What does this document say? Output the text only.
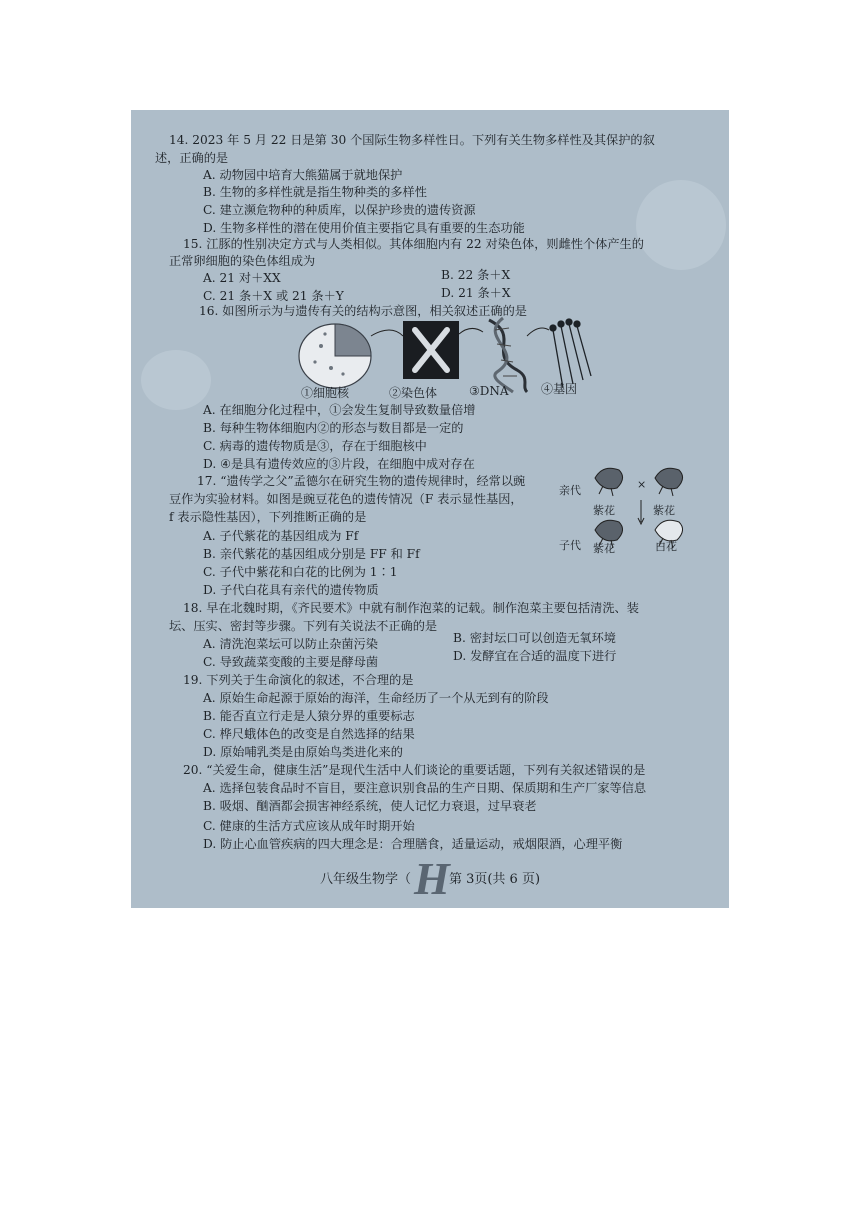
14. 2023 年 5 月 22 日是第 30 个国际生物多样性日。下列有关生物多样性及其保护的叙
述，正确的是
A. 动物园中培育大熊猫属于就地保护
B. 生物的多样性就是指生物种类的多样性
C. 建立濒危物种的种质库，以保护珍贵的遗传资源
D. 生物多样性的潜在使用价值主要指它具有重要的生态功能
15. 江豚的性别决定方式与人类相似。其体细胞内有 22 对染色体，则雌性个体产生的
正常卵细胞的染色体组成为
A. 21 对＋XX	B. 22 条＋X
C. 21 条＋X 或 21 条＋Y	D. 21 条＋X
16. 如图所示为与遗传有关的结构示意图，相关叙述正确的是
①细胞核	②染色体	③DNA	④基因
A. 在细胞分化过程中，①会发生复制导致数量倍增
B. 每种生物体细胞内②的形态与数目都是一定的
C. 病毒的遗传物质是③，存在于细胞核中
D. ④是具有遗传效应的③片段，在细胞中成对存在
17. “遗传学之父”孟德尔在研究生物的遗传规律时，经常以豌
豆作为实验材料。如图是豌豆花色的遗传情况（F 表示显性基因，
f 表示隐性基因），下列推断正确的是
亲代
子代
×
紫花	紫花
紫花	白花
A. 子代紫花的基因组成为 Ff
B. 亲代紫花的基因组成分别是 FF 和 Ff
C. 子代中紫花和白花的比例为 1∶1
D. 子代白花具有亲代的遗传物质
18. 早在北魏时期，《齐民要术》中就有制作泡菜的记载。制作泡菜主要包括清洗、装
坛、压实、密封等步骤。下列有关说法不正确的是
A. 清洗泡菜坛可以防止杂菌污染	B. 密封坛口可以创造无氧环境
C. 导致蔬菜变酸的主要是酵母菌	D. 发酵宜在合适的温度下进行
19. 下列关于生命演化的叙述，不合理的是
A. 原始生命起源于原始的海洋，生命经历了一个从无到有的阶段
B. 能否直立行走是人猿分界的重要标志
C. 桦尺蛾体色的改变是自然选择的结果
D. 原始哺乳类是由原始鸟类进化来的
20. “关爱生命，健康生活”是现代生活中人们谈论的重要话题，下列有关叙述错误的是
A. 选择包装食品时不盲目，要注意识别食品的生产日期、保质期和生产厂家等信息
B. 吸烟、酗酒都会损害神经系统，使人记忆力衰退，过早衰老
C. 健康的生活方式应该从成年时期开始
D. 防止心血管疾病的四大理念是：合理膳食，适量运动，戒烟限酒，心理平衡
八年级生物学（	第 3页(共 6 页)
H
